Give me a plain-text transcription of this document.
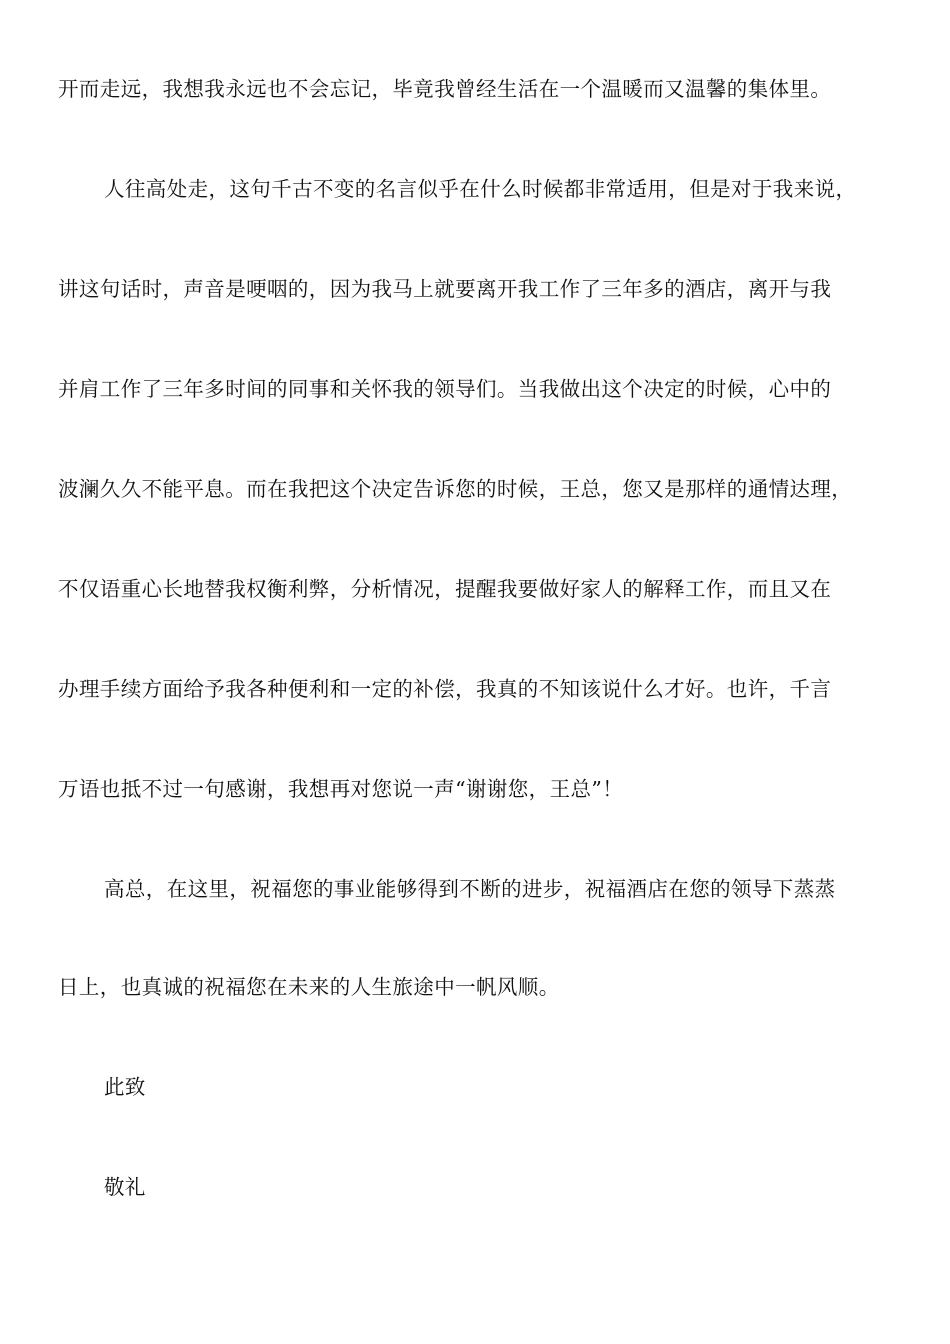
开而走远，我想我永远也不会忘记，毕竟我曾经生活在一个温暖而又温馨的集体里。
人往高处走，这句千古不变的名言似乎在什么时候都非常适用，但是对于我来说，
讲这句话时，声音是哽咽的，因为我马上就要离开我工作了三年多的酒店，离开与我
并肩工作了三年多时间的同事和关怀我的领导们。当我做出这个决定的时候，心中的
波澜久久不能平息。而在我把这个决定告诉您的时候，王总，您又是那样的通情达理，
不仅语重心长地替我权衡利弊，分析情况，提醒我要做好家人的解释工作，而且又在
办理手续方面给予我各种便利和一定的补偿，我真的不知该说什么才好。也许，千言
万语也抵不过一句感谢，我想再对您说一声“谢谢您，王总”！
高总，在这里，祝福您的事业能够得到不断的进步，祝福酒店在您的领导下蒸蒸
日上，也真诚的祝福您在未来的人生旅途中一帆风顺。
此致
敬礼
